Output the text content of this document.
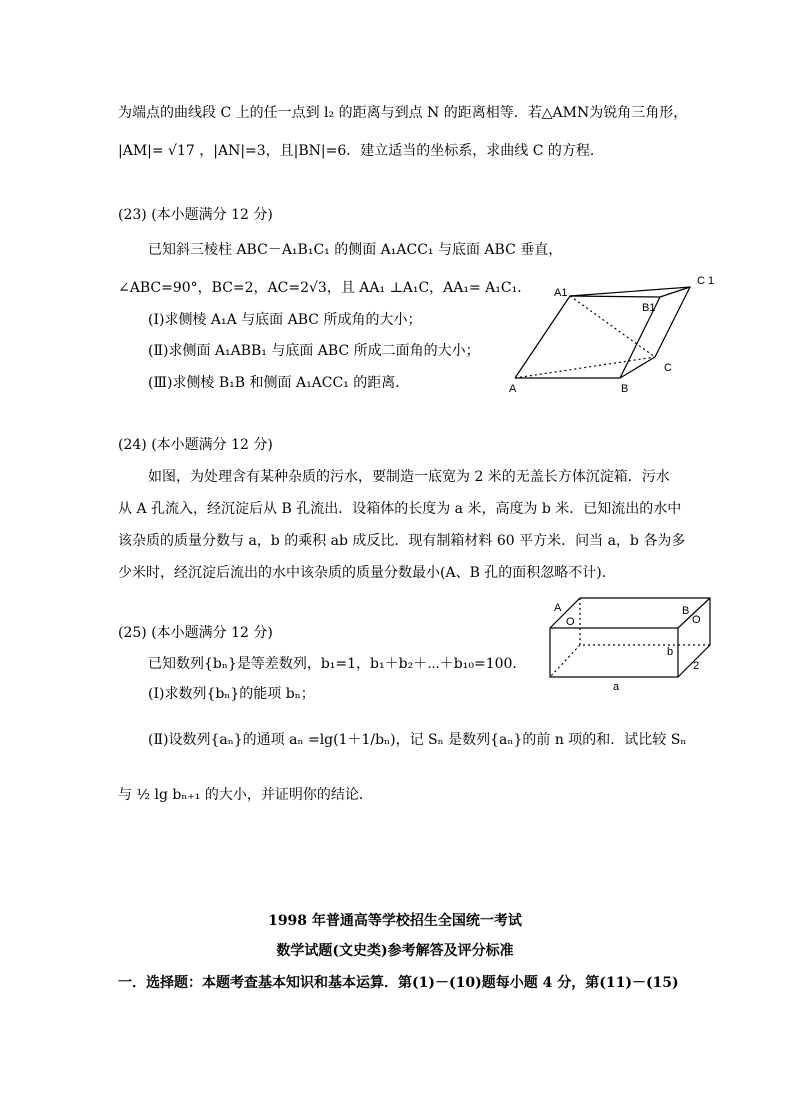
为端点的曲线段 C 上的任一点到 l₂ 的距离与到点 N 的距离相等．若△AMN为锐角三角形，
|AM|= √17 ，|AN|=3，且|BN|=6．建立适当的坐标系，求曲线 C 的方程．
(23) (本小题满分 12 分)
已知斜三棱柱 ABC－A₁B₁C₁ 的侧面 A₁ACC₁ 与底面 ABC 垂直，
∠ABC=90°，BC=2，AC=2√3，且 AA₁ ⊥A₁C，AA₁= A₁C₁．
(Ⅰ)求侧棱 A₁A 与底面 ABC 所成角的大小；
(Ⅱ)求侧面 A₁ABB₁ 与底面 ABC 所成二面角的大小；
(Ⅲ)求侧棱 B₁B 和侧面 A₁ACC₁ 的距离．
(24) (本小题满分 12 分)
如图，为处理含有某种杂质的污水，要制造一底宽为 2 米的无盖长方体沉淀箱．污水
从 A 孔流入，经沉淀后从 B 孔流出．设箱体的长度为 a 米，高度为 b 米．已知流出的水中
该杂质的质量分数与 a，b 的乘积 ab 成反比．现有制箱材料 60 平方米．问当 a，b 各为多
少米时，经沉淀后流出的水中该杂质的质量分数最小(A、B 孔的面积忽略不计)．
(25) (本小题满分 12 分)
已知数列{bₙ}是等差数列，b₁=1，b₁＋b₂＋⋯＋b₁₀=100．
(Ⅰ)求数列{bₙ}的能项 bₙ；
(Ⅱ)设数列{aₙ}的通项 aₙ =lg(1＋1/bₙ)，记 Sₙ 是数列{aₙ}的前 n 项的和．试比较 Sₙ
与 ½ lg bₙ₊₁ 的大小，并证明你的结论．
1998 年普通高等学校招生全国统一考试
数学试题(文史类)参考解答及评分标准
一．选择题：本题考查基本知识和基本运算．第(1)－(10)题每小题 4 分，第(11)－(15)
A1
B1
C 1
C
B
A
A
O
B
O
b
2
a
